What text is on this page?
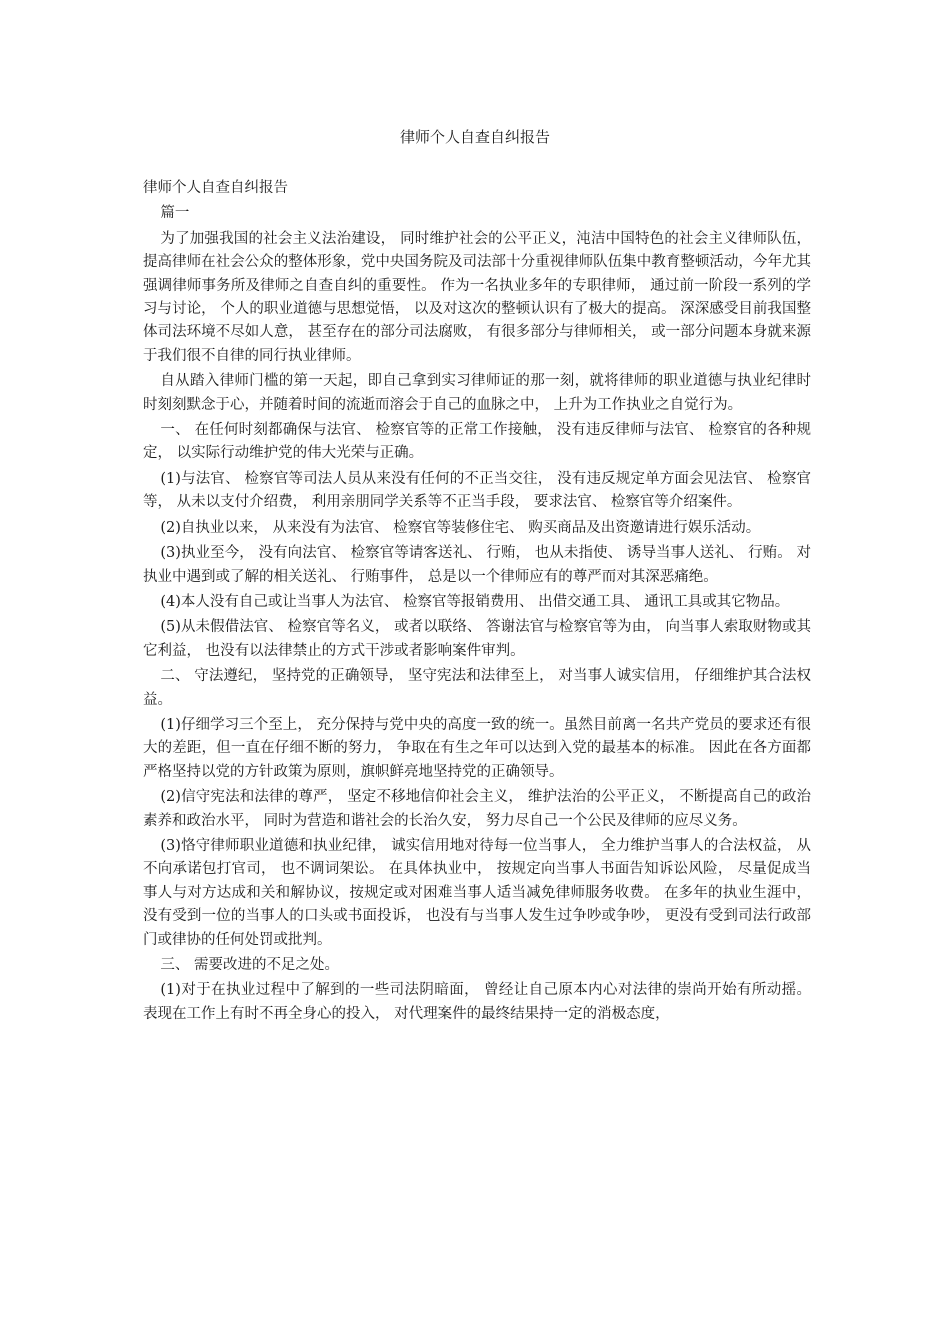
律师个人自查自纠报告

律师个人自查自纠报告

篇一

为了加强我国的社会主义法治建设， 同时维护社会的公平正义，沌洁中国特色的社会主义律师队伍，提高律师在社会公众的整体形象，党中央国务院及司法部十分重视律师队伍集中教育整顿活动，今年尤其强调律师事务所及律师之自查自纠的重要性。 作为一名执业多年的专职律师， 通过前一阶段一系列的学习与讨论， 个人的职业道德与思想觉悟， 以及对这次的整顿认识有了极大的提高。 深深感受目前我国整体司法环境不尽如人意， 甚至存在的部分司法腐败， 有很多部分与律师相关， 或一部分问题本身就来源于我们很不自律的同行执业律师。

自从踏入律师门槛的第一天起，即自己拿到实习律师证的那一刻，就将律师的职业道德与执业纪律时时刻刻默念于心，并随着时间的流逝而溶会于自己的血脉之中， 上升为工作执业之自觉行为。

一、 在任何时刻都确保与法官、 检察官等的正常工作接触， 没有违反律师与法官、 检察官的各种规定， 以实际行动维护党的伟大光荣与正确。

(1)与法官、 检察官等司法人员从来没有任何的不正当交往， 没有违反规定单方面会见法官、 检察官等， 从未以支付介绍费， 利用亲朋同学关系等不正当手段， 要求法官、 检察官等介绍案件。

(2)自执业以来， 从来没有为法官、 检察官等装修住宅、 购买商品及出资邀请进行娱乐活动。

(3)执业至今， 没有向法官、 检察官等请客送礼、 行贿， 也从未指使、 诱导当事人送礼、 行贿。 对执业中遇到或了解的相关送礼、 行贿事件， 总是以一个律师应有的尊严而对其深恶痛绝。

(4)本人没有自己或让当事人为法官、 检察官等报销费用、 出借交通工具、 通讯工具或其它物品。

(5)从未假借法官、 检察官等名义， 或者以联络、 答谢法官与检察官等为由， 向当事人索取财物或其它利益， 也没有以法律禁止的方式干涉或者影响案件审判。

二、 守法遵纪， 坚持党的正确领导， 坚守宪法和法律至上， 对当事人诚实信用， 仔细维护其合法权益。

(1)仔细学习三个至上， 充分保持与党中央的高度一致的统一。虽然目前离一名共产党员的要求还有很大的差距，但一直在仔细不断的努力， 争取在有生之年可以达到入党的最基本的标准。 因此在各方面都严格坚持以党的方针政策为原则，旗帜鲜亮地坚持党的正确领导。

(2)信守宪法和法律的尊严， 坚定不移地信仰社会主义， 维护法治的公平正义， 不断提高自己的政治素养和政治水平， 同时为营造和谐社会的长治久安， 努力尽自己一个公民及律师的应尽义务。

(3)恪守律师职业道德和执业纪律， 诚实信用地对待每一位当事人， 全力维护当事人的合法权益， 从不向承诺包打官司， 也不调词架讼。 在具体执业中， 按规定向当事人书面告知诉讼风险， 尽量促成当事人与对方达成和关和解协议，按规定或对困难当事人适当减免律师服务收费。 在多年的执业生涯中， 没有受到一位的当事人的口头或书面投诉， 也没有与当事人发生过争吵或争吵， 更没有受到司法行政部门或律协的任何处罚或批判。

三、 需要改进的不足之处。

(1)对于在执业过程中了解到的一些司法阴暗面， 曾经让自己原本内心对法律的崇尚开始有所动摇。 表现在工作上有时不再全身心的投入， 对代理案件的最终结果持一定的消极态度，
